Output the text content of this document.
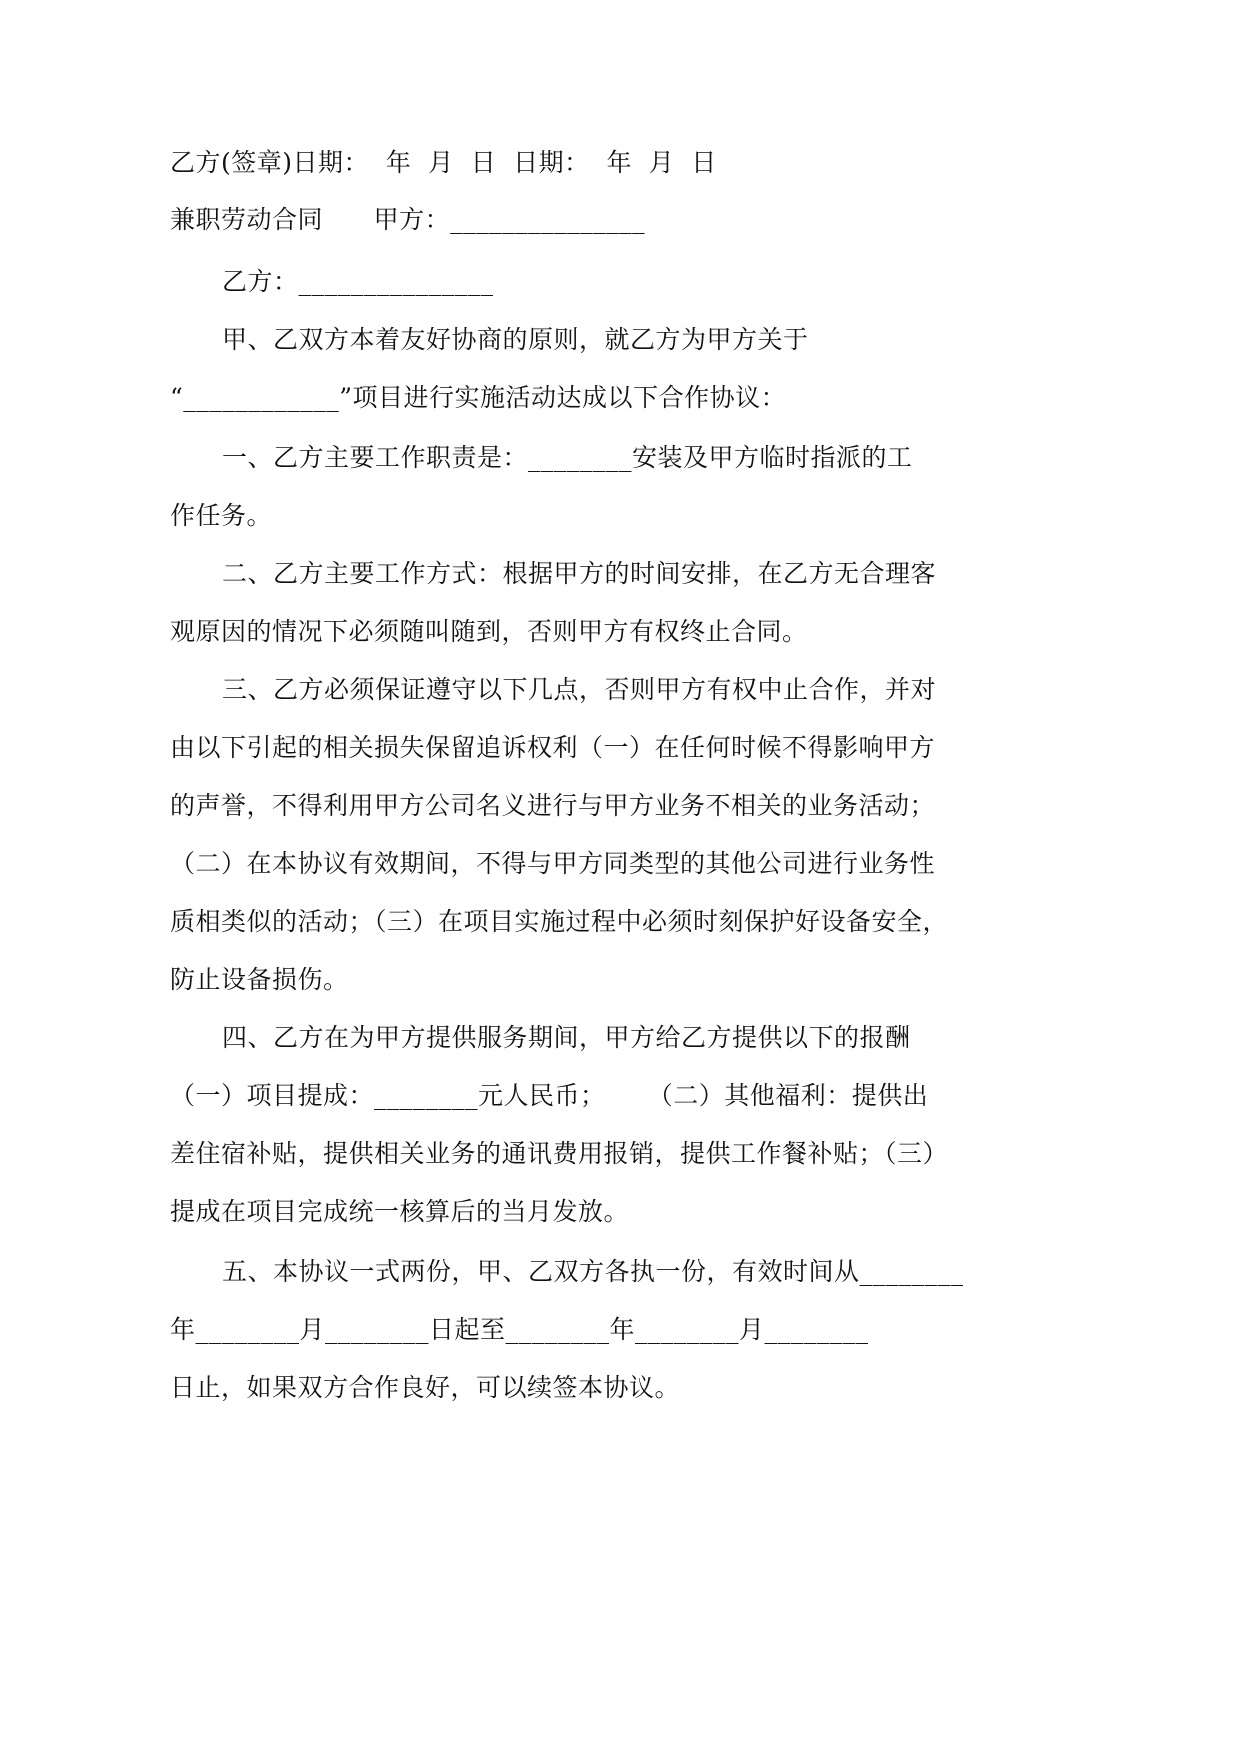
乙方(签章)日期：  年  月  日  日期：  年  月  日
兼职劳动合同      甲方：_______________
乙方：_______________
甲、乙双方本着友好协商的原则，就乙方为甲方关于
“____________”项目进行实施活动达成以下合作协议：
一、乙方主要工作职责是：________安装及甲方临时指派的工
作任务。
二、乙方主要工作方式：根据甲方的时间安排，在乙方无合理客
观原因的情况下必须随叫随到，否则甲方有权终止合同。
三、乙方必须保证遵守以下几点，否则甲方有权中止合作，并对
由以下引起的相关损失保留追诉权利（一）在任何时候不得影响甲方
的声誉，不得利用甲方公司名义进行与甲方业务不相关的业务活动；
（二）在本协议有效期间，不得与甲方同类型的其他公司进行业务性
质相类似的活动；（三）在项目实施过程中必须时刻保护好设备安全，
防止设备损伤。
四、乙方在为甲方提供服务期间，甲方给乙方提供以下的报酬
（一）项目提成：________元人民币；     （二）其他福利：提供出
差住宿补贴，提供相关业务的通讯费用报销，提供工作餐补贴；（三）
提成在项目完成统一核算后的当月发放。
五、本协议一式两份，甲、乙双方各执一份，有效时间从________
年________月________日起至________年________月________
日止，如果双方合作良好，可以续签本协议。
